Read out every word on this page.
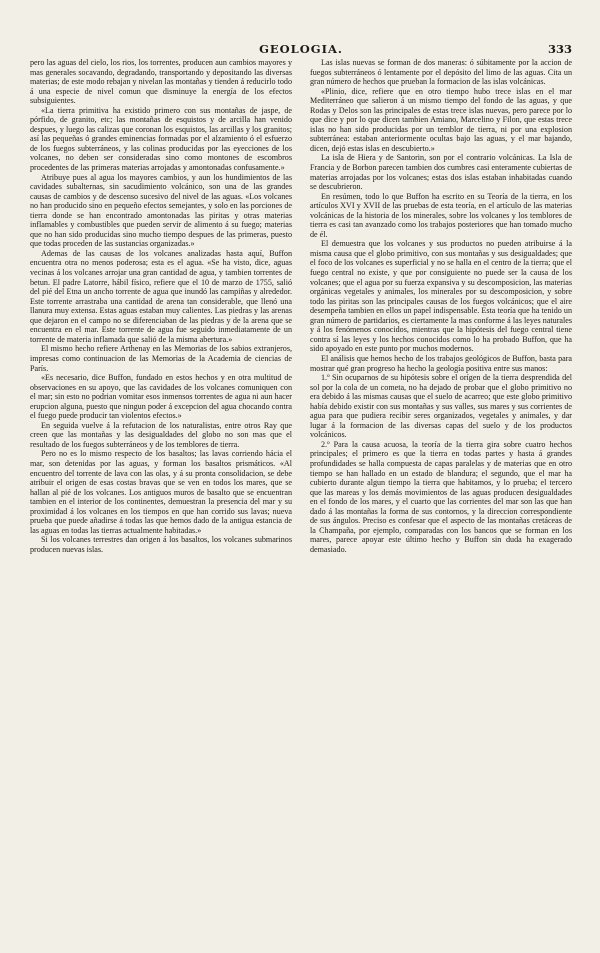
GEOLOGIA.	333

pero las aguas del cielo, los rios, los torrentes, producen aun cambios mayores y mas generales socavando, degradando, transportando y depositando las diversas materias; de este modo rebajan y nivelan las montañas y tienden á reducirlo todo á una especie de nivel comun que disminuye la energía de los efectos subsiguientes.

«La tierra primitiva ha existido primero con sus montañas de jaspe, de pórfido, de granito, etc; las montañas de esquistos y de arcilla han venido despues, y luego las calizas que coronan los esquistos, las arcillas y los granitos; así las pequeñas ó grandes eminencias formadas por el alzamiento ó el esfuerzo de los fuegos subterráneos, y las colinas producidas por las eyecciones de los volcanes, no deben ser consideradas sino como montones de escombros procedentes de las primeras materias arrojadas y amontonadas confusamente.»

Atribuye pues al agua los mayores cambios, y aun los hundimientos de las cavidades subalternas, sin sacudimiento volcánico, son una de las grandes causas de cambios y de descenso sucesivo del nivel de las aguas. «Los volcanes no han producido sino en pequeño efectos semejantes, y solo en las porciones de tierra donde se han encontrado amontonadas las piritas y otras materias inflamables y combustibles que pueden servir de alimento á su fuego; materias que no han sido producidas sino mucho tiempo despues de las primeras, puesto que todas proceden de las sustancias organizadas.»

Ademas de las causas de los volcanes analizadas hasta aquí, Buffon encuentra otra no menos poderosa; esta es el agua. «Se ha visto, dice, aguas vecinas á los volcanes arrojar una gran cantidad de agua, y tambien torrentes de betun. El padre Latorre, hábil físico, refiere que el 10 de marzo de 1755, salió del pié del Etna un ancho torrente de agua que inundó las campiñas y alrededor. Este torrente arrastraba una cantidad de arena tan considerable, que llenó una llanura muy extensa. Estas aguas estaban muy calientes. Las piedras y las arenas que dejaron en el campo no se diferenciaban de las piedras y de la arena que se encuentra en el mar. Este torrente de agua fue seguido inmediatamente de un torrente de materia inflamada que salió de la misma abertura.»

El mismo hecho refiere Arthenay en las Memorias de los sabios extranjeros, impresas como continuacion de las Memorias de la Academia de ciencias de París.

«Es necesario, dice Buffon, fundado en estos hechos y en otra multitud de observaciones en su apoyo, que las cavidades de los volcanes comuniquen con el mar; sin esto no podrian vomitar esos inmensos torrentes de agua ni aun hacer erupcion alguna, puesto que ningun poder á excepcion del agua chocando contra el fuego puede producir tan violentos efectos.»

En seguida vuelve á la refutacion de los naturalistas, entre otros Ray que creen que las montañas y las desigualdades del globo no son mas que el resultado de los fuegos subterráneos y de los temblores de tierra.

Pero no es lo mismo respecto de los basaltos; las lavas corriendo hácia el mar, son detenidas por las aguas, y forman los basaltos prismáticos. «Al encuentro del torrente de lava con las olas, y á su pronta consolidacion, se debe atribuir el origen de esas costas bravas que se ven en todos los mares, que se hallan al pié de los volcanes. Los antiguos muros de basalto que se encuentran tambien en el interior de los continentes, demuestran la presencia del mar y su proximidad á los volcanes en los tiempos en que han corrido sus lavas; nueva prueba que puede añadirse á todas las que hemos dado de la antigua estancia de las aguas en todas las tierras actualmente habitadas.»

Si los volcanes terrestres dan origen á los basaltos, los volcanes submarinos producen nuevas islas.

Las islas nuevas se forman de dos maneras: ó súbitamente por la accion de fuegos subterráneos ó lentamente por el depósito del limo de las aguas. Cita un gran número de hechos que prueban la formacion de las islas volcánicas.

«Plinio, dice, refiere que en otro tiempo hubo trece islas en el mar Mediterráneo que salieron á un mismo tiempo del fondo de las aguas, y que Rodas y Delos son las principales de estas trece islas nuevas, pero parece por lo que dice y por lo que dicen tambien Amiano, Marcelino y Filon, que estas trece islas no han sido producidas por un temblor de tierra, ni por una explosion subterránea: estaban anteriormente ocultas bajo las aguas, y el mar bajando, dicen, dejó estas islas en descubierto.»

La isla de Hiera y de Santorin, son por el contrario volcánicas. La Isla de Francia y de Borbon parecen tambien dos cumbres casi enteramente cubiertas de materias arrojadas por los volcanes; estas dos islas estaban inhabitadas cuando se descubrieron.

En resúmen, todo lo que Buffon ha escrito en su Teoría de la tierra, en los artículos XVI y XVII de las pruebas de esta teoría, en el artículo de las materias volcánicas de la historia de los minerales, sobre los volcanes y los temblores de tierra es casi tan avanzado como los trabajos posteriores que han tomado mucho de él.

El demuestra que los volcanes y sus productos no pueden atribuirse á la misma causa que el globo primitivo, con sus montañas y sus desigualdades; que el foco de los volcanes es superficial y no se halla en el centro de la tierra; que el fuego central no existe, y que por consiguiente no puede ser la causa de los volcanes; que el agua por su fuerza expansiva y su descomposicion, las materias orgánicas vegetales y animales, los minerales por su descomposicion, y sobre todo las piritas son las principales causas de los fuegos volcánicos; que el aire desempeña tambien en ellos un papel indispensable. Esta teoría que ha tenido un gran número de partidarios, es ciertamente la mas conforme á las leyes naturales y á los fenómenos conocidos, mientras que la hipótesis del fuego central tiene contra sí las leyes y los hechos conocidos como lo ha probado Buffon, que ha sido apoyado en este punto por muchos modernos.

El análisis que hemos hecho de los trabajos geológicos de Buffon, basta para mostrar qué gran progreso ha hecho la geología positiva entre sus manos:

1.º Sin ocuparnos de su hipótesis sobre el orígen de la tierra desprendida del sol por la cola de un cometa, no ha dejado de probar que el globo primitivo no era debido á las mismas causas que el suelo de acarreo; que este globo primitivo había debido existir con sus montañas y sus valles, sus mares y sus corrientes de agua para que pudiera recibir seres organizados, vegetales y animales, y dar lugar á la formacion de las diversas capas del suelo y de los productos volcánicos.

2.º Para la causa acuosa, la teoría de la tierra gira sobre cuatro hechos principales; el primero es que la tierra en todas partes y hasta á grandes profundidades se halla compuesta de capas paralelas y de materias que en otro tiempo se han hallado en un estado de blandura; el segundo, que el mar ha cubierto durante algun tiempo la tierra que habitamos, y lo prueba; el tercero que las mareas y los demás movimientos de las aguas producen desigualdades en el fondo de los mares, y el cuarto que las corrientes del mar son las que han dado á las montañas la forma de sus contornos, y la direccion correspondiente de sus ángulos. Preciso es confesar que el aspecto de las montañas cretáceas de la Champaña, por ejemplo, comparadas con los bancos que se forman en los mares, parece apoyar este último hecho y Buffon sin duda ha exagerado demasiado.
